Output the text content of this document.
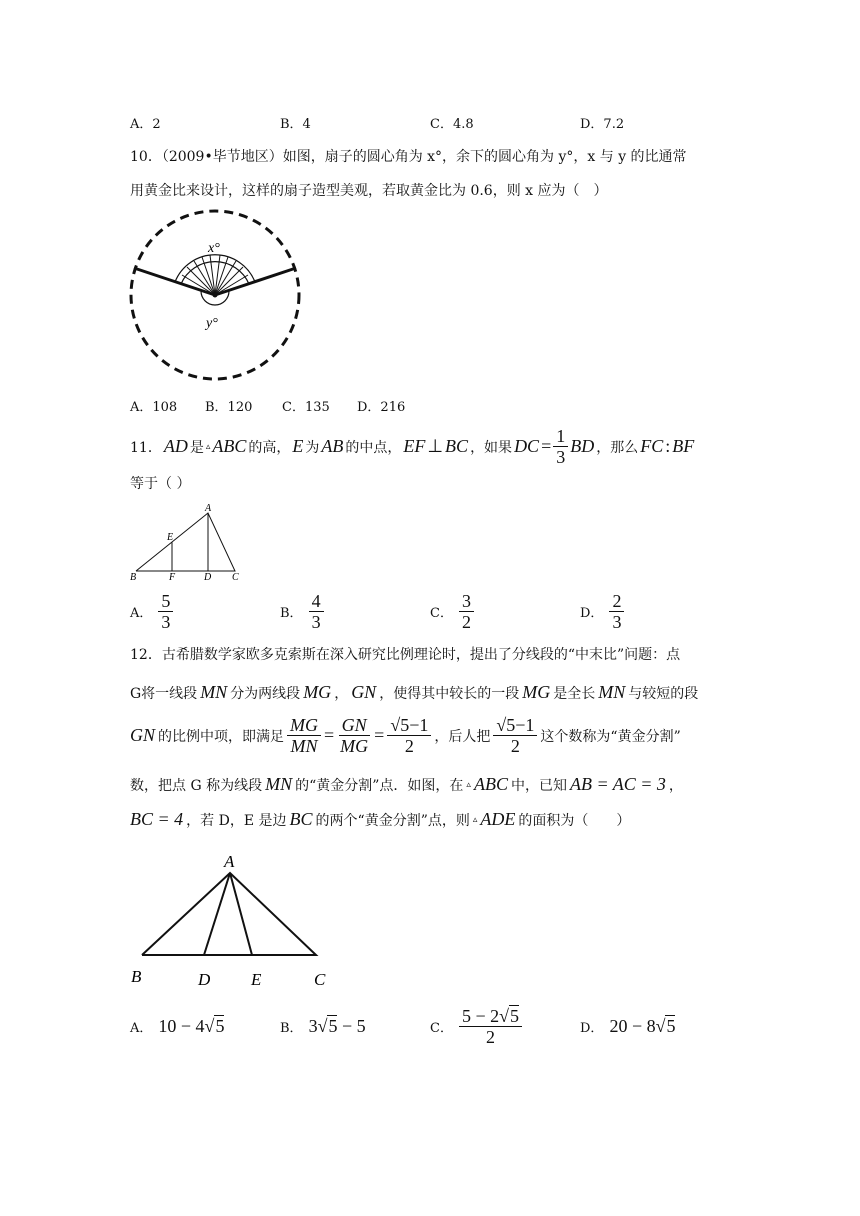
A．2	B．4	C．4.8	D．7.2
10．（2009•毕节地区）如图，扇子的圆心角为 x°，余下的圆心角为 y°，x 与 y 的比通常
用黄金比来设计，这样的扇子造型美观，若取黄金比为 0.6，则 x 应为（　）
x°
y°
A．108 B．120 C．135 D．216
11． AD 是 ▵ ABC 的高， E 为 AB 的中点， EF ⊥ BC ，如果 DC = $\frac{1}{3}$ BD ，那么 FC : BF
等于（ ）
A
B	C
D
E
F
A． $\frac{5}{3}$	B． $\frac{4}{3}$	C． $\frac{3}{2}$	D． $\frac{2}{3}$
12．古希腊数学家欧多克索斯在深入研究比例理论时，提出了分线段的“中末比”问题：点
G将一线段 MN 分为两线段 MG ， GN ，使得其中较长的一段 MG 是全长 MN 与较短的段
GN 的比例中项，即满足 $\frac{MG}{MN} = \frac{GN}{MG} = \frac{√5-1}{2}$ ，后人把 $\frac{√5-1}{2}$ 这个数称为“黄金分割”
数，把点 G 称为线段 MN 的“黄金分割”点．如图，在 ▵ ABC 中，已知 AB = AC = 3 ，
BC = 4 ，若 D，E 是边 BC 的两个“黄金分割”点，则 ▵ ADE 的面积为（　　）
A
B	D E	C
A． 10 − 4√5	B． 3√5 − 5	C． $\frac{5 - 2√5}{2}$	D． 20 − 8√5
